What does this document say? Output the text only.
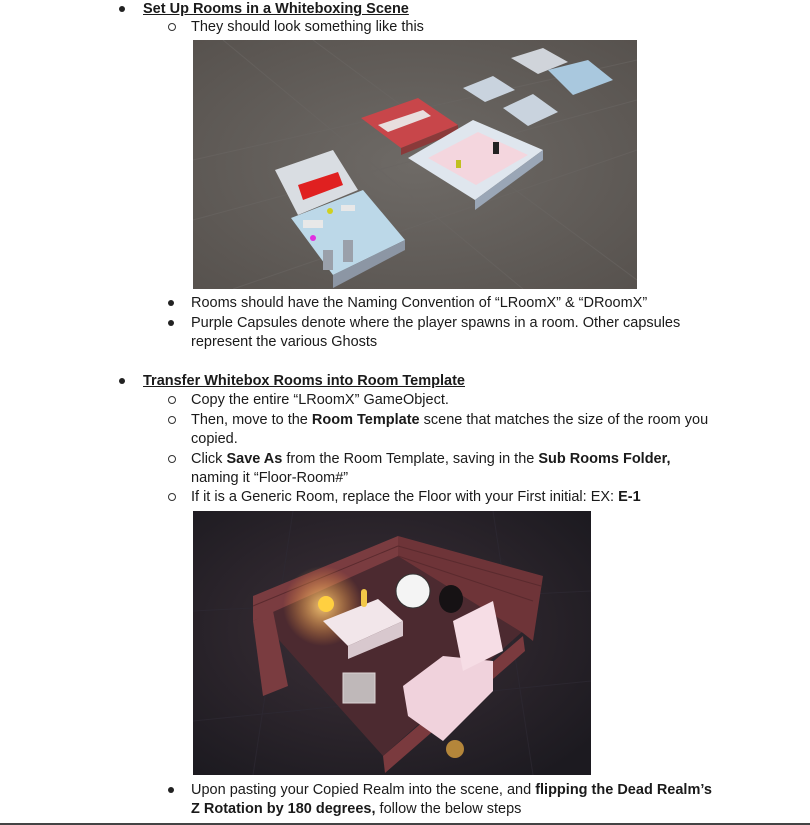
Set Up Rooms in a Whiteboxing Scene
They should look something like this
Rooms should have the Naming Convention of “LRoomX” & “DRoomX”
Purple Capsules denote where the player spawns in a room. Other capsules
represent the various Ghosts
Transfer Whitebox Rooms into Room Template
Copy the entire “LRoomX” GameObject.
Then, move to the Room Template scene that matches the size of the room you
copied.
Click Save As from the Room Template, saving in the Sub Rooms Folder,
naming it “Floor-Room#”
If it is a Generic Room, replace the Floor with your First initial: EX: E-1
Upon pasting your Copied Realm into the scene, and flipping the Dead Realm’s
Z Rotation by 180 degrees, follow the below steps
